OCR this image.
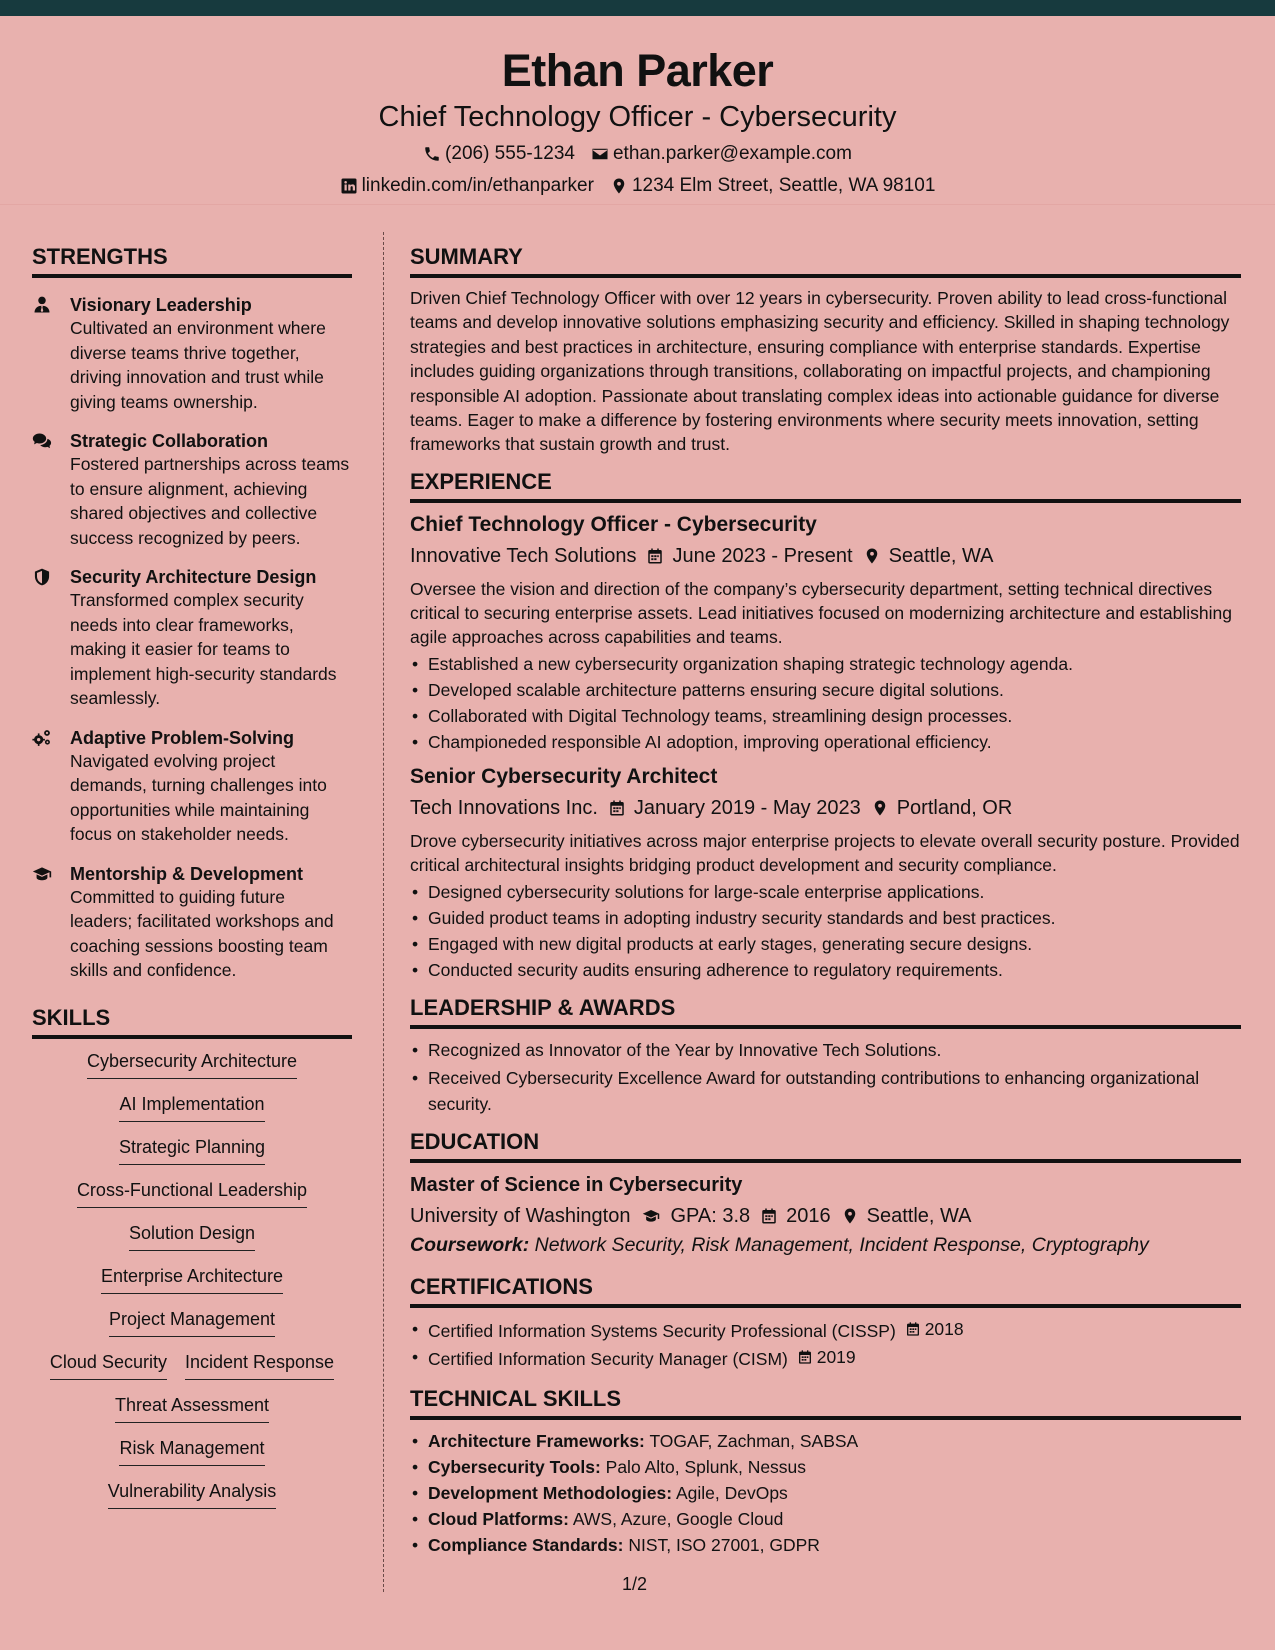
Ethan Parker
Chief Technology Officer - Cybersecurity
(206) 555-1234 ethan.parker@example.com
linkedin.com/in/ethanparker 1234 Elm Street, Seattle, WA 98101
STRENGTHS
Visionary Leadership
Cultivated an environment where diverse teams thrive together, driving innovation and trust while giving teams ownership.
Strategic Collaboration
Fostered partnerships across teams to ensure alignment, achieving shared objectives and collective success recognized by peers.
Security Architecture Design
Transformed complex security needs into clear frameworks, making it easier for teams to implement high-security standards seamlessly.
Adaptive Problem-Solving
Navigated evolving project demands, turning challenges into opportunities while maintaining focus on stakeholder needs.
Mentorship & Development
Committed to guiding future leaders; facilitated workshops and coaching sessions boosting team skills and confidence.
SKILLS
Cybersecurity Architecture
AI Implementation
Strategic Planning
Cross-Functional Leadership
Solution Design
Enterprise Architecture
Project Management
Cloud Security Incident Response
Threat Assessment
Risk Management
Vulnerability Analysis
SUMMARY

Driven Chief Technology Officer with over 12 years in cybersecurity. Proven ability to lead cross-functional teams and develop innovative solutions emphasizing security and efficiency. Skilled in shaping technology strategies and best practices in architecture, ensuring compliance with enterprise standards. Expertise includes guiding organizations through transitions, collaborating on impactful projects, and championing responsible AI adoption. Passionate about translating complex ideas into actionable guidance for diverse teams. Eager to make a difference by fostering environments where security meets innovation, setting frameworks that sustain growth and trust.

EXPERIENCE
Chief Technology Officer - Cybersecurity
Innovative Tech Solutions June 2023 - Present Seattle, WA

Oversee the vision and direction of the company’s cybersecurity department, setting technical directives critical to securing enterprise assets. Lead initiatives focused on modernizing architecture and establishing agile approaches across capabilities and teams.

• Established a new cybersecurity organization shaping strategic technology agenda.
• Developed scalable architecture patterns ensuring secure digital solutions.
• Collaborated with Digital Technology teams, streamlining design processes.
• Championeded responsible AI adoption, improving operational efficiency.
Senior Cybersecurity Architect
Tech Innovations Inc. January 2019 - May 2023 Portland, OR

Drove cybersecurity initiatives across major enterprise projects to elevate overall security posture. Provided critical architectural insights bridging product development and security compliance.

• Designed cybersecurity solutions for large-scale enterprise applications.
• Guided product teams in adopting industry security standards and best practices.
• Engaged with new digital products at early stages, generating secure designs.
• Conducted security audits ensuring adherence to regulatory requirements.
LEADERSHIP & AWARDS
• Recognized as Innovator of the Year by Innovative Tech Solutions.
• Received Cybersecurity Excellence Award for outstanding contributions to enhancing organizational security.
EDUCATION
Master of Science in Cybersecurity
University of Washington GPA: 3.8 2016 Seattle, WA
Coursework: Network Security, Risk Management, Incident Response, Cryptography
CERTIFICATIONS
• Certified Information Systems Security Professional (CISSP) 2018
• Certified Information Security Manager (CISM) 2019
TECHNICAL SKILLS
• Architecture Frameworks: TOGAF, Zachman, SABSA
• Cybersecurity Tools: Palo Alto, Splunk, Nessus
• Development Methodologies: Agile, DevOps
• Cloud Platforms: AWS, Azure, Google Cloud
• Compliance Standards: NIST, ISO 27001, GDPR
1/2
